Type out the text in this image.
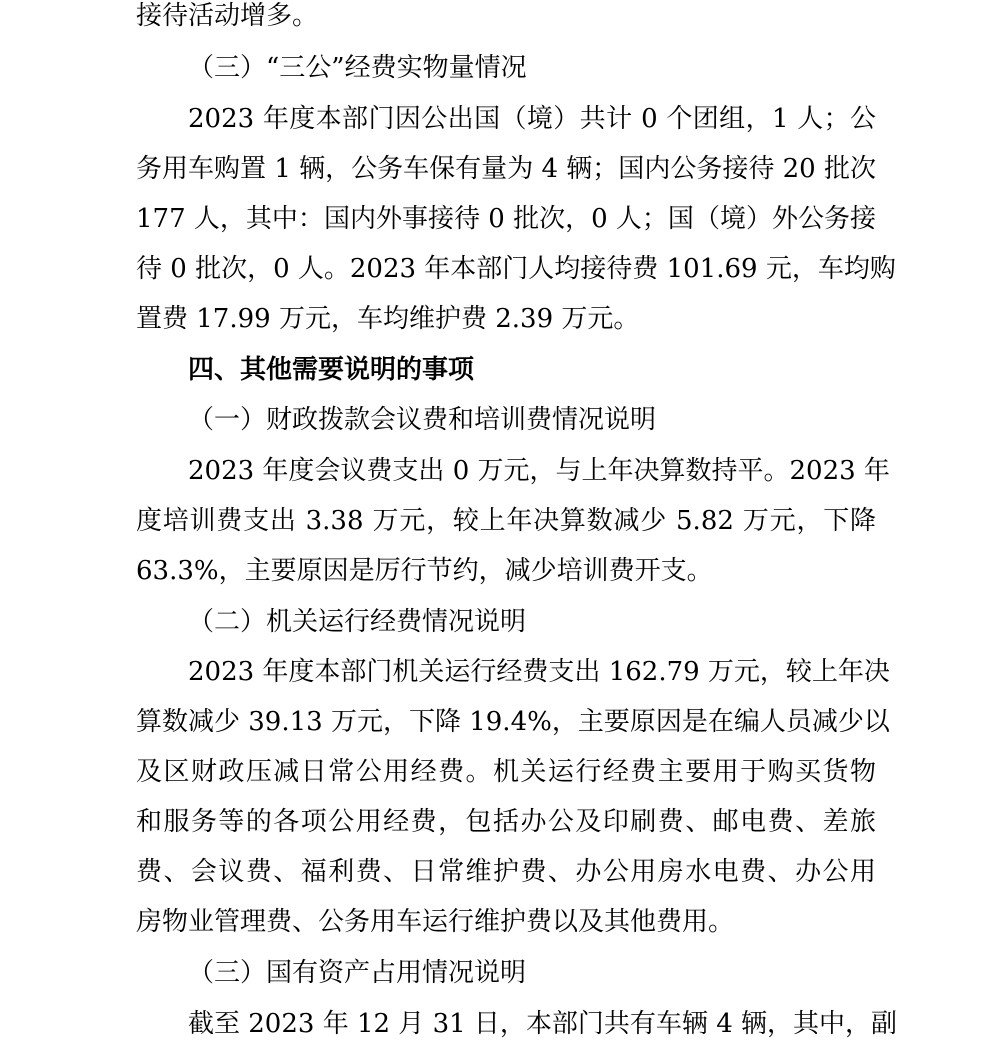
接待活动增多。
（三）“三公”经费实物量情况
2023 年度本部门因公出国（境）共计 0 个团组，1 人；公
务用车购置 1 辆，公务车保有量为 4 辆；国内公务接待 20 批次
177 人，其中：国内外事接待 0 批次，0 人；国（境）外公务接
待 0 批次，0 人。2023 年本部门人均接待费 101.69 元，车均购
置费 17.99 万元，车均维护费 2.39 万元。
四、其他需要说明的事项
（一）财政拨款会议费和培训费情况说明
2023 年度会议费支出 0 万元，与上年决算数持平。2023 年
度培训费支出 3.38 万元，较上年决算数减少 5.82 万元，下降
63.3%，主要原因是厉行节约，减少培训费开支。
（二）机关运行经费情况说明
2023 年度本部门机关运行经费支出 162.79 万元，较上年决
算数减少 39.13 万元，下降 19.4%，主要原因是在编人员减少以
及区财政压减日常公用经费。机关运行经费主要用于购买货物
和服务等的各项公用经费，包括办公及印刷费、邮电费、差旅
费、会议费、福利费、日常维护费、办公用房水电费、办公用
房物业管理费、公务用车运行维护费以及其他费用。
（三）国有资产占用情况说明
截至 2023 年 12 月 31 日，本部门共有车辆 4 辆，其中，副
